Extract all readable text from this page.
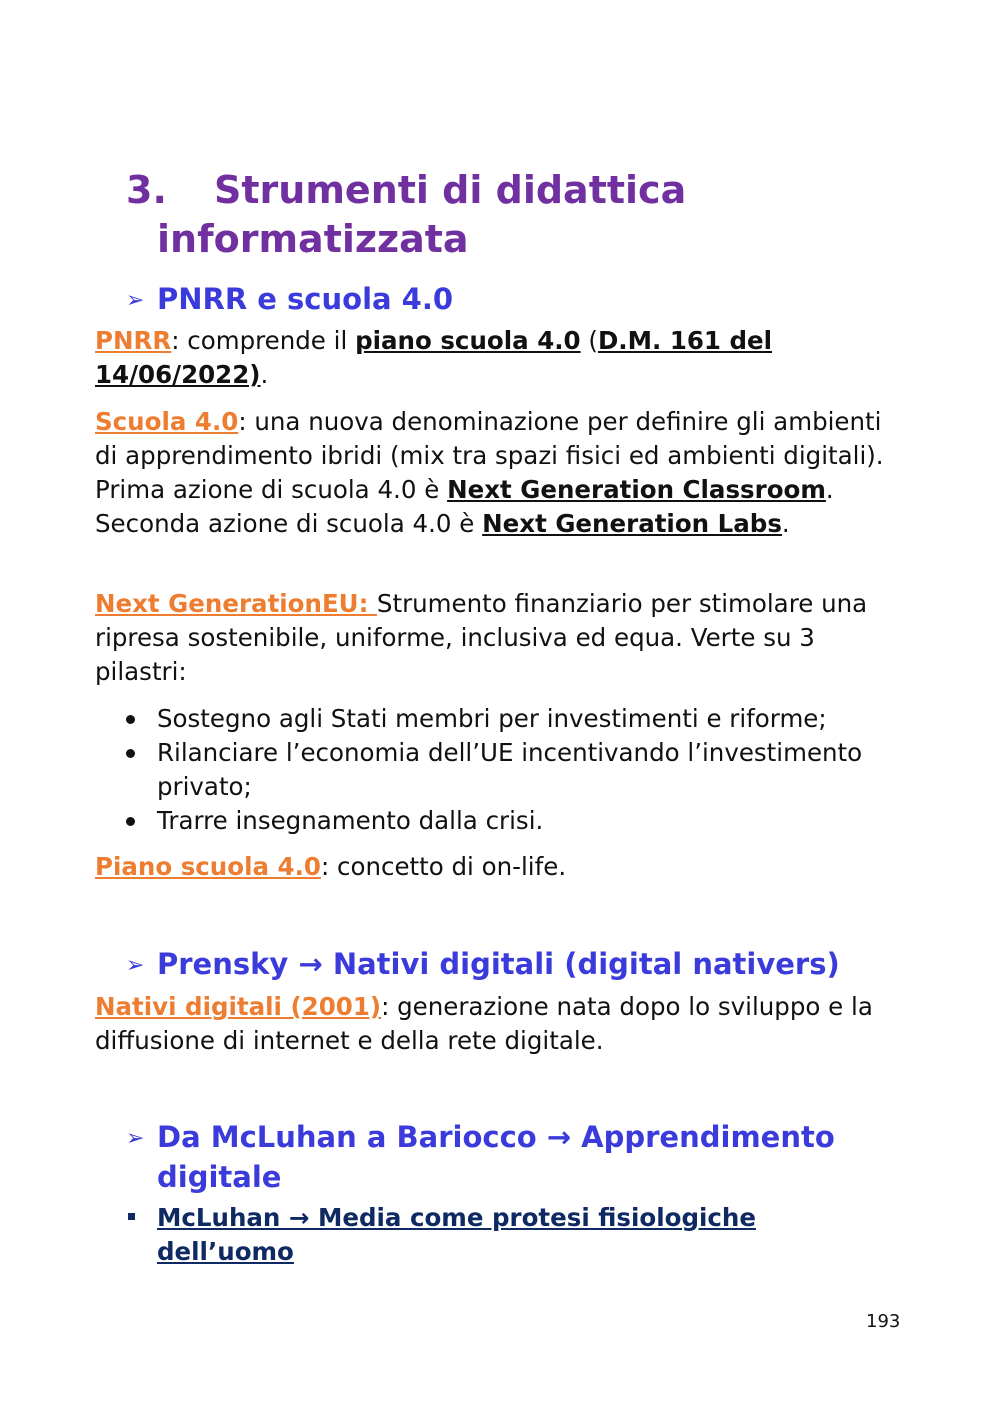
3. Strumenti di didattica
informatizzata
➢ PNRR e scuola 4.0

PNRR: comprende il piano scuola 4.0 (D.M. 161 del 14/06/2022).

Scuola 4.0: una nuova denominazione per definire gli ambienti di apprendimento ibridi (mix tra spazi fisici ed ambienti digitali). Prima azione di scuola 4.0 è Next Generation Classroom. Seconda azione di scuola 4.0 è Next Generation Labs.

Next GenerationEU: Strumento finanziario per stimolare una ripresa sostenibile, uniforme, inclusiva ed equa. Verte su 3 pilastri:

Sostegno agli Stati membri per investimenti e riforme;
Rilanciare l’economia dell’UE incentivando l’investimento privato;
Trarre insegnamento dalla crisi.

Piano scuola 4.0: concetto di on-life.

➢ Prensky → Nativi digitali (digital nativers)

Nativi digitali (2001): generazione nata dopo lo sviluppo e la diffusione di internet e della rete digitale.

➢ Da McLuhan a Bariocco → Apprendimento
digitale
McLuhan → Media come protesi fisiologiche dell’uomo
193
